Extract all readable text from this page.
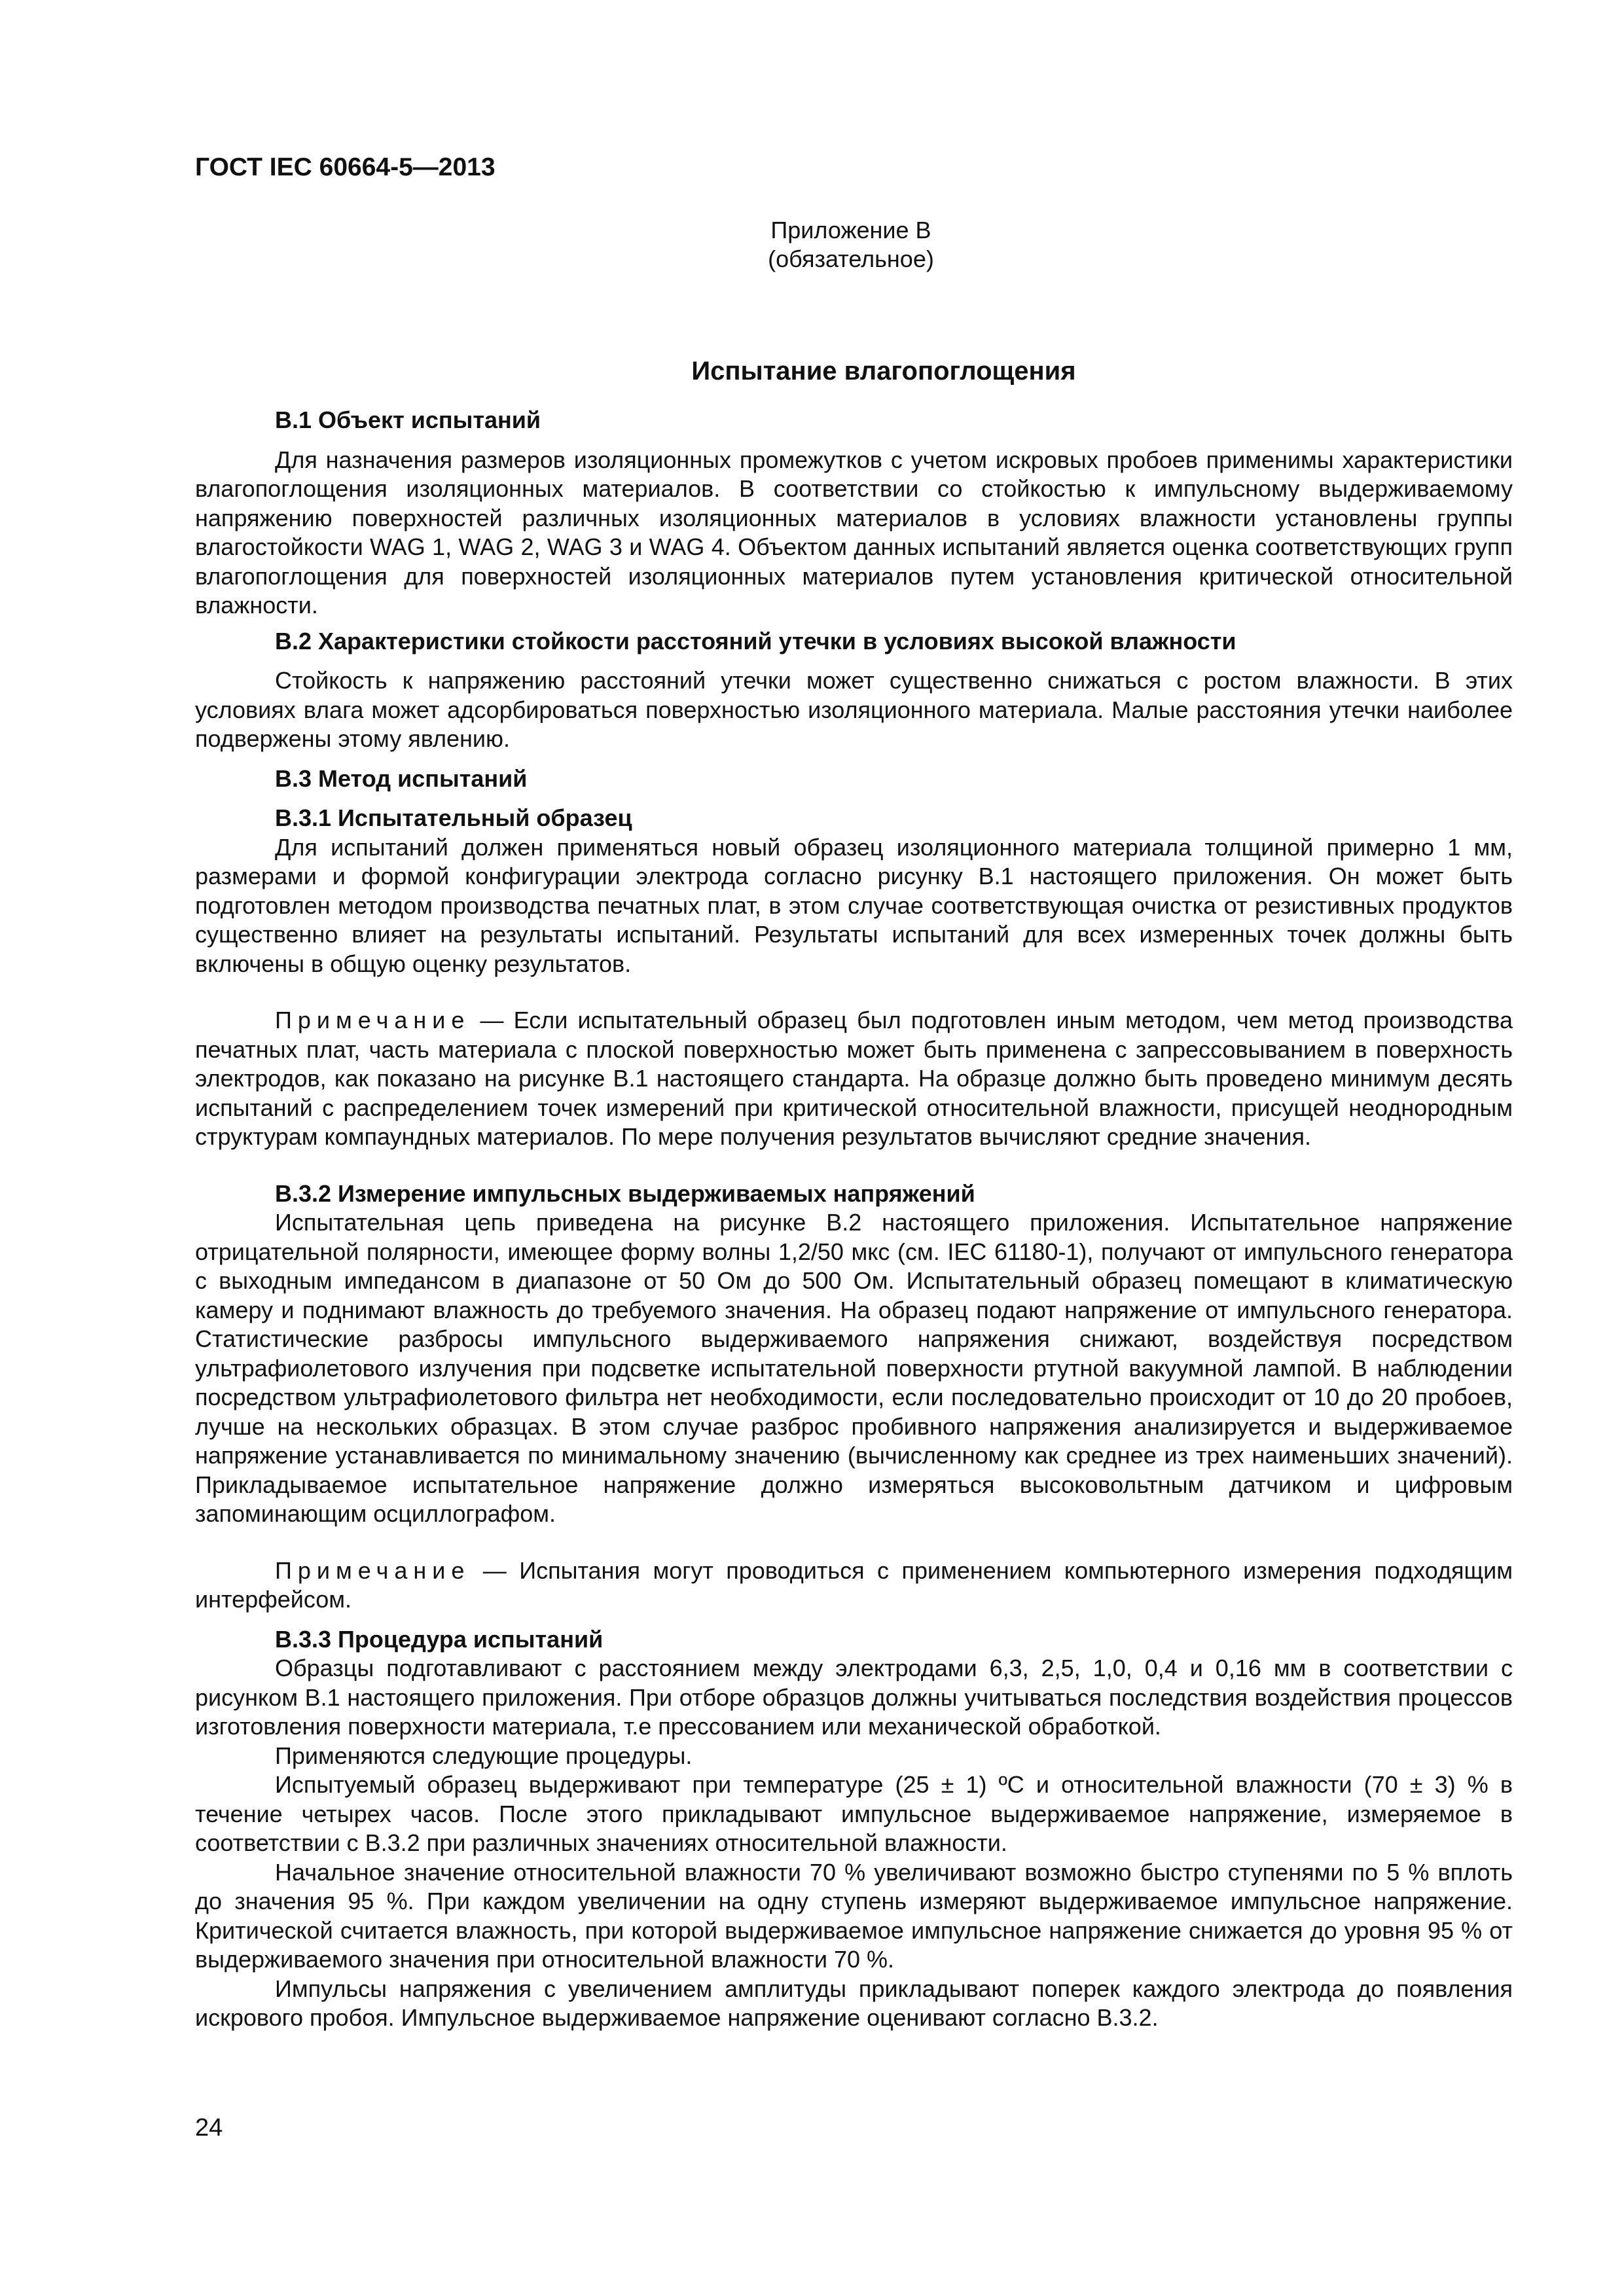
ГОСТ IEC 60664-5—2013
Приложение В
(обязательное)
Испытание влагопоглощения

В.1 Объект испытаний

Для назначения размеров изоляционных промежутков с учетом искровых пробоев применимы характеристики влагопоглощения изоляционных материалов. В соответствии со стойкостью к импульсному выдерживаемому напряжению поверхностей различных изоляционных материалов в условиях влажности установлены группы влагостойкости WAG 1, WAG 2, WAG 3 и WAG 4. Объектом данных испытаний является оценка соответствующих групп влагопоглощения для поверхностей изоляционных материалов путем установления критической относительной влажности.

В.2 Характеристики стойкости расстояний утечки в условиях высокой влажности

Стойкость к напряжению расстояний утечки может существенно снижаться с ростом влажности. В этих условиях влага может адсорбироваться поверхностью изоляционного материала. Малые расстояния утечки наиболее подвержены этому явлению.

В.3 Метод испытаний

В.3.1 Испытательный образец

Для испытаний должен применяться новый образец изоляционного материала толщиной примерно 1 мм, размерами и формой конфигурации электрода согласно рисунку В.1 настоящего приложения. Он может быть подготовлен методом производства печатных плат, в этом случае соответствующая очистка от резистивных продуктов существенно влияет на результаты испытаний. Результаты испытаний для всех измеренных точек должны быть включены в общую оценку результатов.

Примечание — Если испытательный образец был подготовлен иным методом, чем метод производства печатных плат, часть материала с плоской поверхностью может быть применена с запрессовыванием в поверхность электродов, как показано на рисунке В.1 настоящего стандарта. На образце должно быть проведено минимум десять испытаний с распределением точек измерений при критической относительной влажности, присущей неоднородным структурам компаундных материалов. По мере получения результатов вычисляют средние значения.

В.3.2 Измерение импульсных выдерживаемых напряжений

Испытательная цепь приведена на рисунке В.2 настоящего приложения. Испытательное напряжение отрицательной полярности, имеющее форму волны 1,2/50 мкс (см. IEC 61180-1), получают от импульсного генератора с выходным импедансом в диапазоне от 50 Ом до 500 Ом. Испытательный образец помещают в климатическую камеру и поднимают влажность до требуемого значения. На образец подают напряжение от импульсного генератора. Статистические разбросы импульсного выдерживаемого напряжения снижают, воздействуя посредством ультрафиолетового излучения при подсветке испытательной поверхности ртутной вакуумной лампой. В наблюдении посредством ультрафиолетового фильтра нет необходимости, если последовательно происходит от 10 до 20 пробоев, лучше на нескольких образцах. В этом случае разброс пробивного напряжения анализируется и выдерживаемое напряжение устанавливается по минимальному значению (вычисленному как среднее из трех наименьших значений). Прикладываемое испытательное напряжение должно измеряться высоковольтным датчиком и цифровым запоминающим осциллографом.

Примечание — Испытания могут проводиться с применением компьютерного измерения подходящим интерфейсом.

В.3.3 Процедура испытаний

Образцы подготавливают с расстоянием между электродами 6,3, 2,5, 1,0, 0,4 и 0,16 мм в соответствии с рисунком В.1 настоящего приложения. При отборе образцов должны учитываться последствия воздействия процессов изготовления поверхности материала, т.е прессованием или механической обработкой.

Применяются следующие процедуры.

Испытуемый образец выдерживают при температуре (25 ± 1) ºС и относительной влажности (70 ± 3) % в течение четырех часов. После этого прикладывают импульсное выдерживаемое напряжение, измеряемое в соответствии с В.3.2 при различных значениях относительной влажности.

Начальное значение относительной влажности 70 % увеличивают возможно быстро ступенями по 5 % вплоть до значения 95 %. При каждом увеличении на одну ступень измеряют выдерживаемое импульсное напряжение. Критической считается влажность, при которой выдерживаемое импульсное напряжение снижается до уровня 95 % от выдерживаемого значения при относительной влажности 70 %.

Импульсы напряжения с увеличением амплитуды прикладывают поперек каждого электрода до появления искрового пробоя. Импульсное выдерживаемое напряжение оценивают согласно В.3.2.

24
